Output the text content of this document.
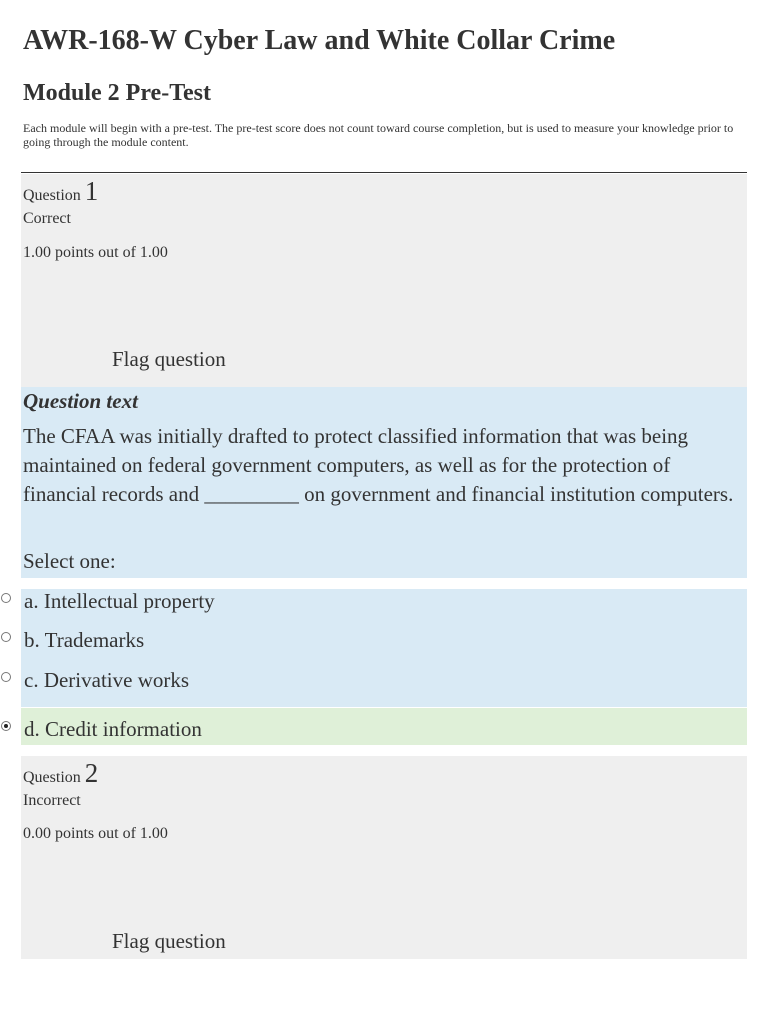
AWR-168-W Cyber Law and White Collar Crime
Module 2 Pre-Test
Each module will begin with a pre-test. The pre-test score does not count toward course completion, but is used to measure your knowledge prior to going through the module content.
Question 1
Correct
1.00 points out of 1.00
Flag question
Question text
The CFAA was initially drafted to protect classified information that was being maintained on federal government computers, as well as for the protection of financial records and _________ on government and financial institution computers.
Select one:
a. Intellectual property
b. Trademarks
c. Derivative works
d. Credit information
Question 2
Incorrect
0.00 points out of 1.00
Flag question
